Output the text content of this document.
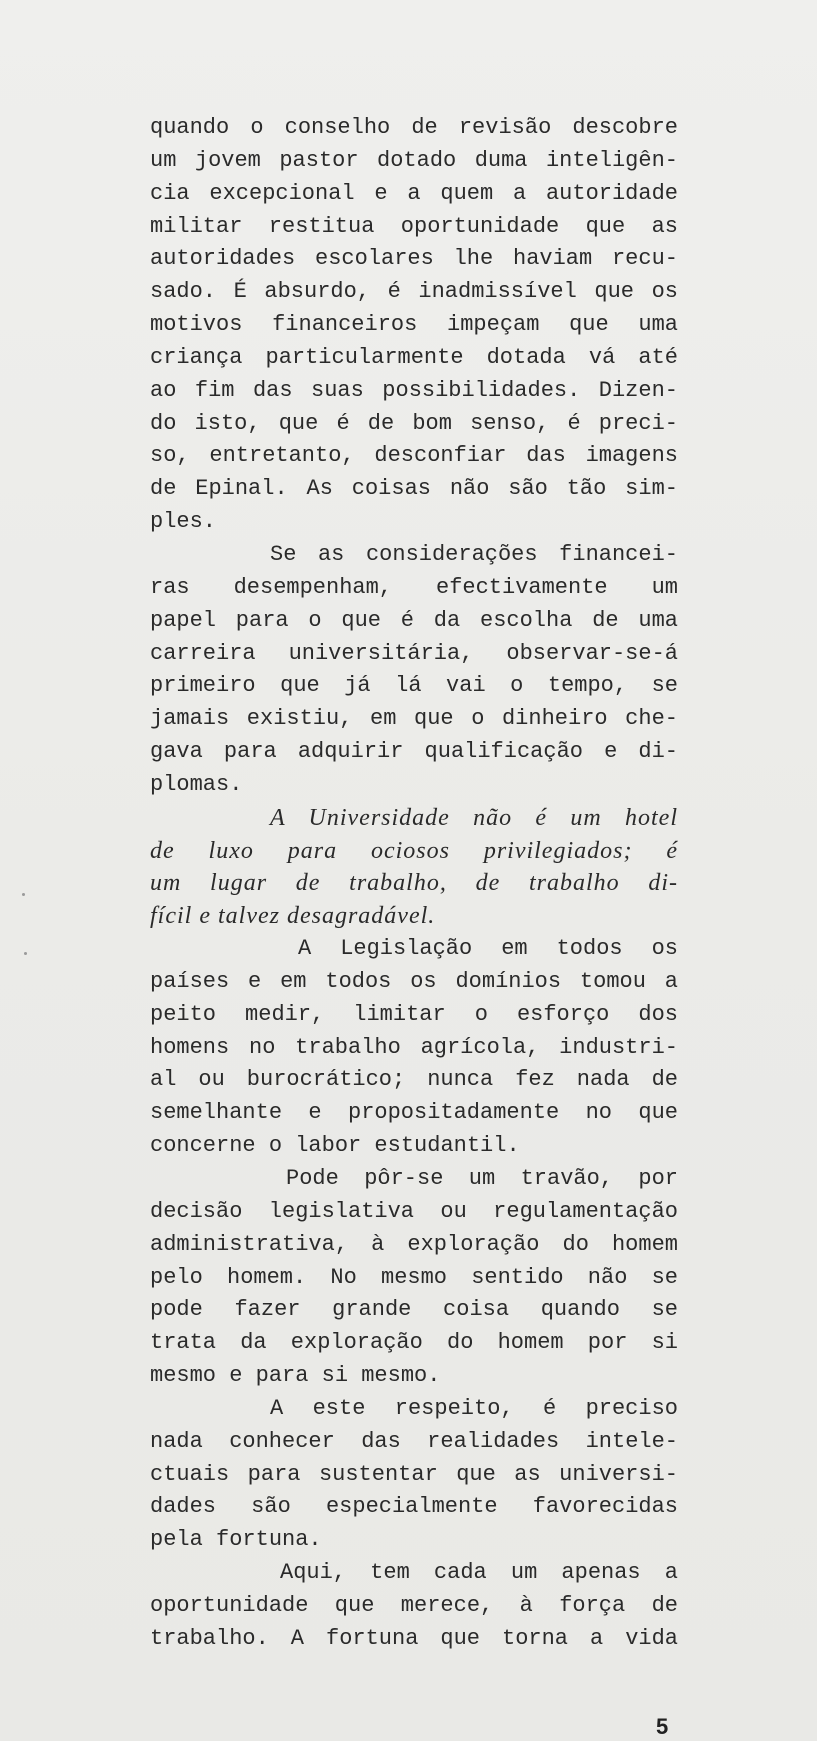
quando o conselho de revisão descobre
um jovem pastor dotado duma inteligên-
cia excepcional e a quem a autoridade
militar restitua oportunidade que as
autoridades escolares lhe haviam recu-
sado. É absurdo, é inadmissível que os
motivos financeiros impeçam que uma
criança particularmente dotada vá até
ao fim das suas possibilidades. Dizen-
do isto, que é de bom senso, é preci-
so, entretanto, desconfiar das imagens
de Epinal. As coisas não são tão sim-
ples.
Se as considerações financei-
ras desempenham, efectivamente um
papel para o que é da escolha de uma
carreira universitária, observar-se-á
primeiro que já lá vai o tempo, se
jamais existiu, em que o dinheiro che-
gava para adquirir qualificação e di-
plomas.
A Universidade não é um hotel
de luxo para ociosos privilegiados; é
um lugar de trabalho, de trabalho di-
fícil e talvez desagradável.
A Legislação em todos os
países e em todos os domínios tomou a
peito medir, limitar o esforço dos
homens no trabalho agrícola, industri-
al ou burocrático; nunca fez nada de
semelhante e propositadamente no que
concerne o labor estudantil.
Pode pôr-se um travão, por
decisão legislativa ou regulamentação
administrativa, à exploração do homem
pelo homem. No mesmo sentido não se
pode fazer grande coisa quando se
trata da exploração do homem por si
mesmo e para si mesmo.
A este respeito, é preciso
nada conhecer das realidades intele-
ctuais para sustentar que as universi-
dades são especialmente favorecidas
pela fortuna.
Aqui, tem cada um apenas a
oportunidade que merece, à força de
trabalho. A fortuna que torna a vida
5
